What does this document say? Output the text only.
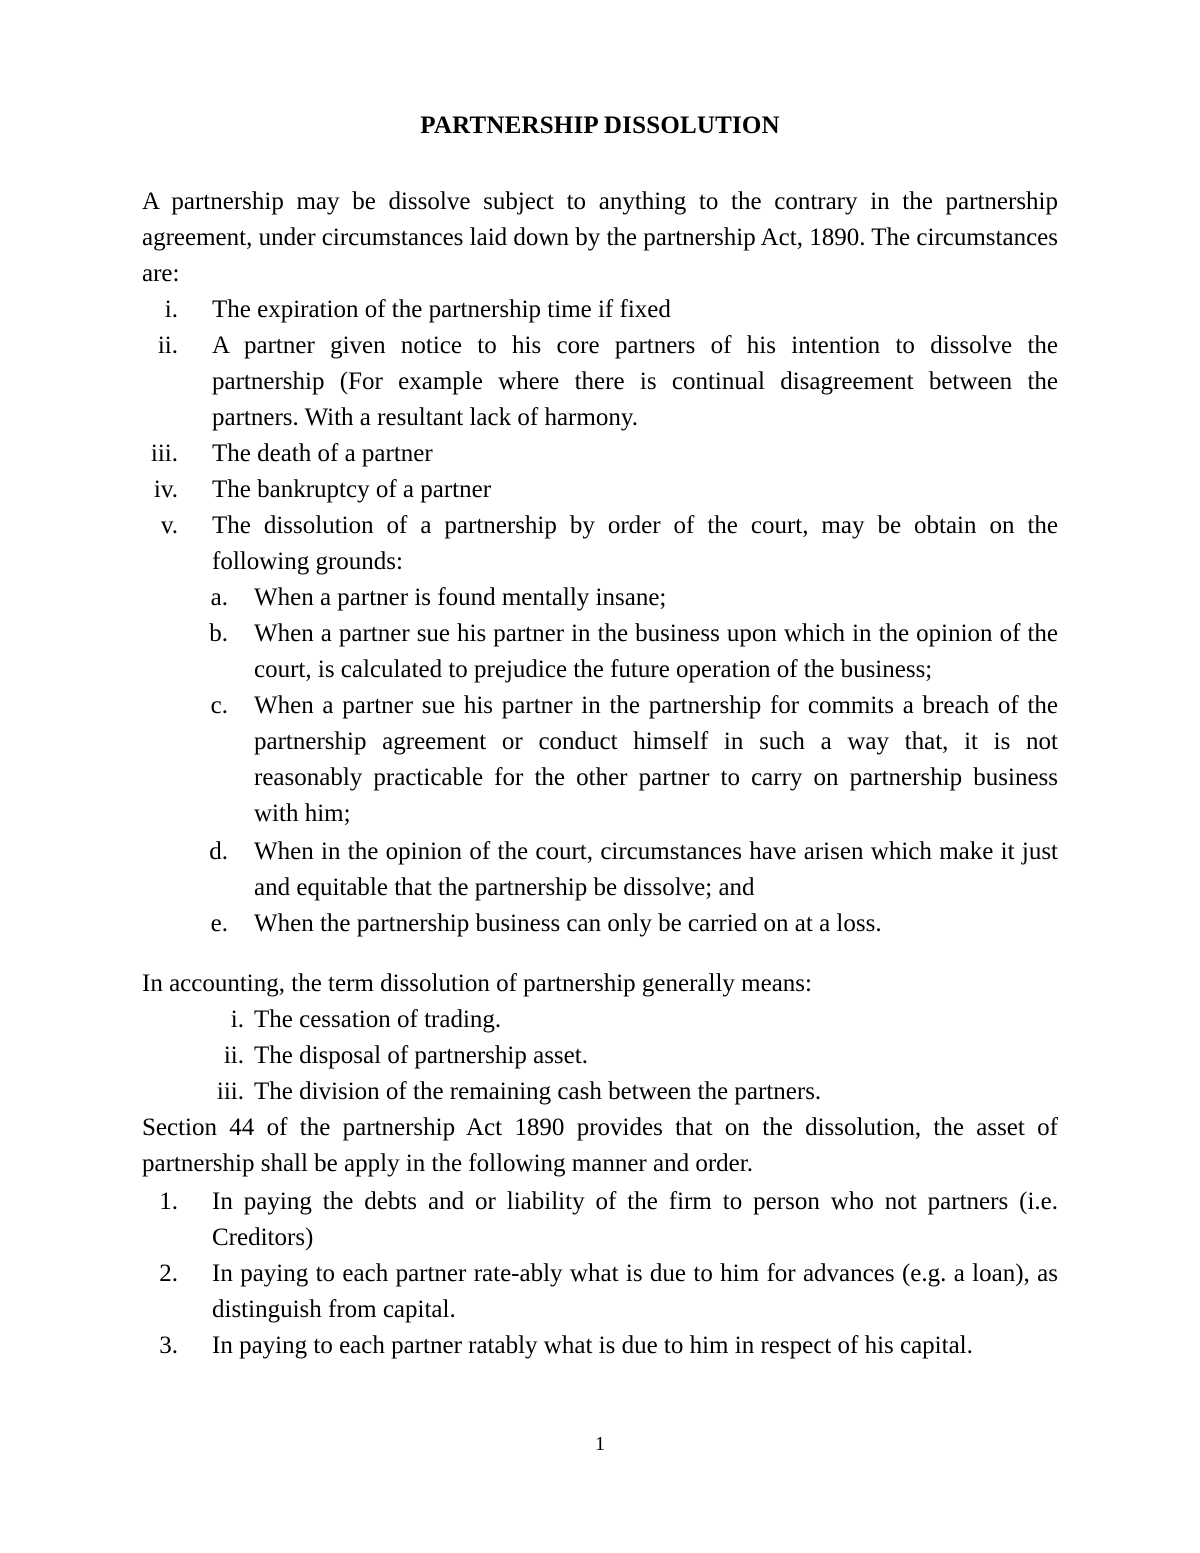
PARTNERSHIP DISSOLUTION
A partnership may be dissolve subject to anything to the contrary in the partnership agreement, under circumstances laid down by the partnership Act, 1890. The circumstances are:
i. The expiration of the partnership time if fixed
ii. A partner given notice to his core partners of his intention to dissolve the partnership (For example where there is continual disagreement between the partners. With a resultant lack of harmony.
iii. The death of a partner
iv. The bankruptcy of a partner
v. The dissolution of a partnership by order of the court, may be obtain on the following grounds:
a. When a partner is found mentally insane;
b. When a partner sue his partner in the business upon which in the opinion of the court, is calculated to prejudice the future operation of the business;
c. When a partner sue his partner in the partnership for commits a breach of the partnership agreement or conduct himself in such a way that, it is not reasonably practicable for the other partner to carry on partnership business with him;
d. When in the opinion of the court, circumstances have arisen which make it just and equitable that the partnership be dissolve; and
e. When the partnership business can only be carried on at a loss.
In accounting, the term dissolution of partnership generally means:
i. The cessation of trading.
ii. The disposal of partnership asset.
iii. The division of the remaining cash between the partners.
Section 44 of the partnership Act 1890 provides that on the dissolution, the asset of partnership shall be apply in the following manner and order.
1. In paying the debts and or liability of the firm to person who not partners (i.e. Creditors)
2. In paying to each partner rate-ably what is due to him for advances (e.g. a loan), as distinguish from capital.
3. In paying to each partner ratably what is due to him in respect of his capital.
1
